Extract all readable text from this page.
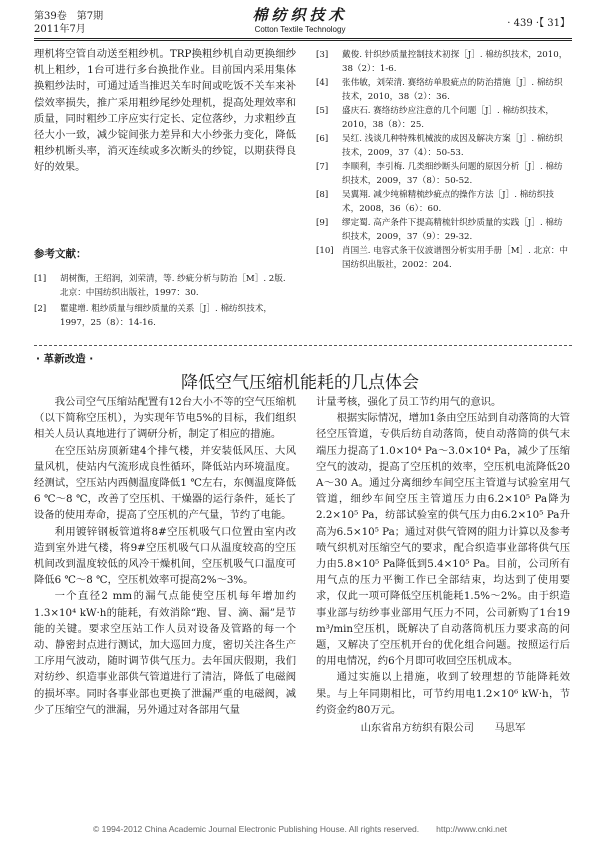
第39卷　第7期
2011年7月
棉纺织技术
Cotton Textile Technology
· 439 ·【 31】

理机将空管自动送至粗纱机。TRP换粗纱机自动更换细纱机上粗纱，1台可进行多台换批作业。目前国内采用集体换粗纱法时，可通过适当推迟关车时间或吃饭不关车来补偿效率损失，推广采用粗纱尾纱处理机，提高处理效率和质量，同时粗纱工序应实行定长、定位落纱，力求粗纱直径大小一致，减少锭间张力差异和大小纱张力变化，降低粗纱机断头率，消灭连续或多次断头的纱锭，以期获得良好的效果。

参考文献：
[1]	胡树衡，王绍润，刘荣清，等. 纱疵分析与防治［M］. 2版. 北京：中国纺织出版社，1997：30.
[2]	瞿建增. 粗纱质量与细纱质量的关系［J］. 棉纺织技术，1997，25（8）：14-16.
[3]	戴俊. 针织纱质量控制技术初探［J］. 棉纺织技术，2010，38（2）：1-6.
[4]	张伟敏，刘荣清. 赛络纺单股疵点的防治措施［J］. 棉纺织技术，2010，38（2）：36.
[5]	盛庆石. 赛络纺纱应注意的几个问题［J］. 棉纺织技术，2010，38（8）：25.
[6]	吴红. 浅谈几种特殊机械波的成因及解决方案［J］. 棉纺织技术，2009，37（4）：50-53.
[7]	李顺利，李引梅. 几类细纱断头问题的原因分析［J］. 棉纺织技术，2009，37（8）：50-52.
[8]	吴翼翔. 减少纯棉精梳纱疵点的操作方法［J］. 棉纺织技术，2008，36（6）：60.
[9]	缪定蜀. 高产条件下提高精梳针织纱质量的实践［J］. 棉纺织技术，2009，37（9）：29-32.
[10] 肖国兰. 电容式条干仪波谱图分析实用手册［M］. 北京：中国纺织出版社，2002：204.
· 革新改造 ·
降低空气压缩机能耗的几点体会

我公司空气压缩站配置有12台大小不等的空气压缩机（以下简称空压机），为实现年节电5%的目标，我们组织相关人员认真地进行了调研分析，制定了相应的措施。

在空压站房顶新建4个排气楼，并安装低风压、大风量风机，使站内气流形成良性循环，降低站内环境温度。经测试，空压站内西侧温度降低1 ℃左右，东侧温度降低6 ℃～8 ℃，改善了空压机、干燥器的运行条件，延长了设备的使用寿命，提高了空压机的产气量，节约了电能。

利用镀锌钢板管道将8#空压机吸气口位置由室内改造到室外进气楼，将9#空压机吸气口从温度较高的空压机间改到温度较低的风冷干燥机间，空压机吸气口温度可降低6 ℃～8 ℃，空压机效率可提高2%～3%。

一个直径2 mm的漏气点能使空压机每年增加约1.3×10⁴ kW·h的能耗，有效消除“跑、冒、滴、漏”是节能的关键。要求空压站工作人员对设备及管路的每一个动、静密封点进行测试，加大巡回力度，密切关注各生产工序用气波动，随时调节供气压力。去年国庆假期，我们对纺纱、织造事业部供气管道进行了清洁，降低了电磁阀的损坏率。同时各事业部也更换了泄漏严重的电磁阀，减少了压缩空气的泄漏，另外通过对各部用气量

计量考核，强化了员工节约用气的意识。

根据实际情况，增加1条由空压站到自动落筒的大管径空压管道，专供后纺自动落筒，使自动落筒的供气末端压力提高了1.0×10⁴ Pa～3.0×10⁴ Pa，减少了压缩空气的波动，提高了空压机的效率，空压机电流降低20 A～30 A。通过分离细纱车间空压主管道与试验室用气管道，细纱车间空压主管道压力由6.2×10⁵ Pa降为2.2×10⁵ Pa，纺部试验室的供气压力由6.2×10⁵ Pa升高为6.5×10⁵ Pa；通过对供气管网的阻力计算以及参考喷气织机对压缩空气的要求，配合织造事业部将供气压力由5.8×10⁵ Pa降低到5.4×10⁵ Pa。目前，公司所有用气点的压力平衡工作已全部结束，均达到了使用要求，仅此一项可降低空压机能耗1.5%～2%。由于织造事业部与纺纱事业部用气压力不同，公司新购了1台19 m³/min空压机，既解决了自动落筒机压力要求高的问题，又解决了空压机开台的优化组合问题。按照运行后的用电情况，约6个月即可收回空压机成本。

通过实施以上措施，收到了较理想的节能降耗效果。与上年同期相比，可节约用电1.2×10⁶ kW·h，节约资金约80万元。

山东省帛方纺织有限公司　　马思军
© 1994-2012 China Academic Journal Electronic Publishing House. All rights reserved.　　http://www.cnki.net
